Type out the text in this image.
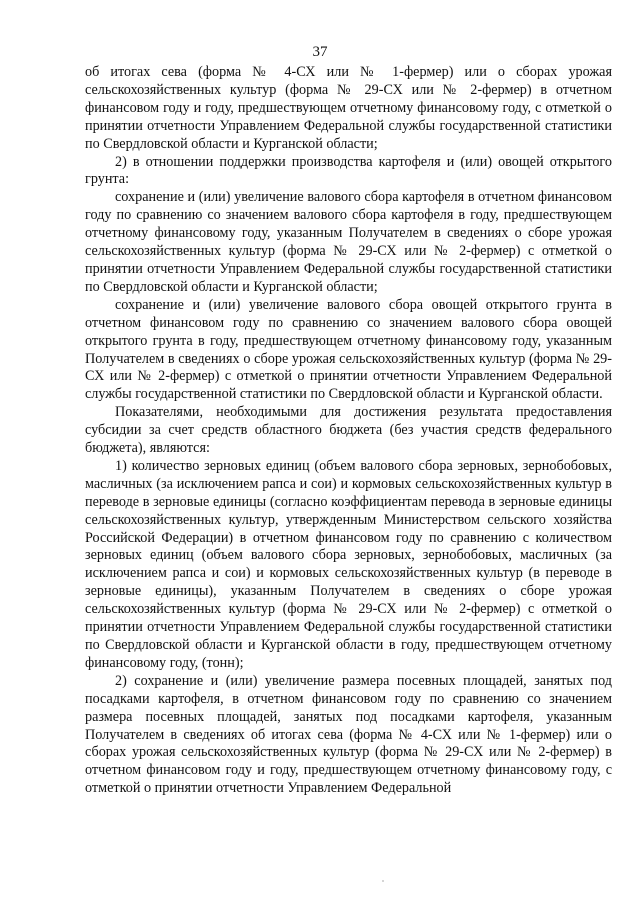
37

об итогах сева (форма № 4-СХ или № 1-фермер) или о сборах урожая сельскохозяйственных культур (форма № 29-СХ или № 2-фермер) в отчетном финансовом году и году, предшествующем отчетному финансовому году, с отметкой о принятии отчетности Управлением Федеральной службы государственной статистики по Свердловской области и Курганской области;

2) в отношении поддержки производства картофеля и (или) овощей открытого грунта:

сохранение и (или) увеличение валового сбора картофеля в отчетном финансовом году по сравнению со значением валового сбора картофеля в году, предшествующем отчетному финансовому году, указанным Получателем в сведениях о сборе урожая сельскохозяйственных культур (форма № 29-СХ или № 2-фермер) с отметкой о принятии отчетности Управлением Федеральной службы государственной статистики по Свердловской области и Курганской области;

сохранение и (или) увеличение валового сбора овощей открытого грунта в отчетном финансовом году по сравнению со значением валового сбора овощей открытого грунта в году, предшествующем отчетному финансовому году, указанным Получателем в сведениях о сборе урожая сельскохозяйственных культур (форма № 29-СХ или № 2-фермер) с отметкой о принятии отчетности Управлением Федеральной службы государственной статистики по Свердловской области и Курганской области.

Показателями, необходимыми для достижения результата предоставления субсидии за счет средств областного бюджета (без участия средств федерального бюджета), являются:

1) количество зерновых единиц (объем валового сбора зерновых, зернобобовых, масличных (за исключением рапса и сои) и кормовых сельскохозяйственных культур в переводе в зерновые единицы (согласно коэффициентам перевода в зерновые единицы сельскохозяйственных культур, утвержденным Министерством сельского хозяйства Российской Федерации) в отчетном финансовом году по сравнению с количеством зерновых единиц (объем валового сбора зерновых, зернобобовых, масличных (за исключением рапса и сои) и кормовых сельскохозяйственных культур (в переводе в зерновые единицы), указанным Получателем в сведениях о сборе урожая сельскохозяйственных культур (форма № 29-СХ или № 2-фермер) с отметкой о принятии отчетности Управлением Федеральной службы государственной статистики по Свердловской области и Курганской области в году, предшествующем отчетному финансовому году, (тонн);

2) сохранение и (или) увеличение размера посевных площадей, занятых под посадками картофеля, в отчетном финансовом году по сравнению со значением размера посевных площадей, занятых под посадками картофеля, указанным Получателем в сведениях об итогах сева (форма № 4-СХ или № 1-фермер) или о сборах урожая сельскохозяйственных культур (форма № 29-СХ или № 2-фермер) в отчетном финансовом году и году, предшествующем отчетному финансовому году, с отметкой о принятии отчетности Управлением Федеральной
